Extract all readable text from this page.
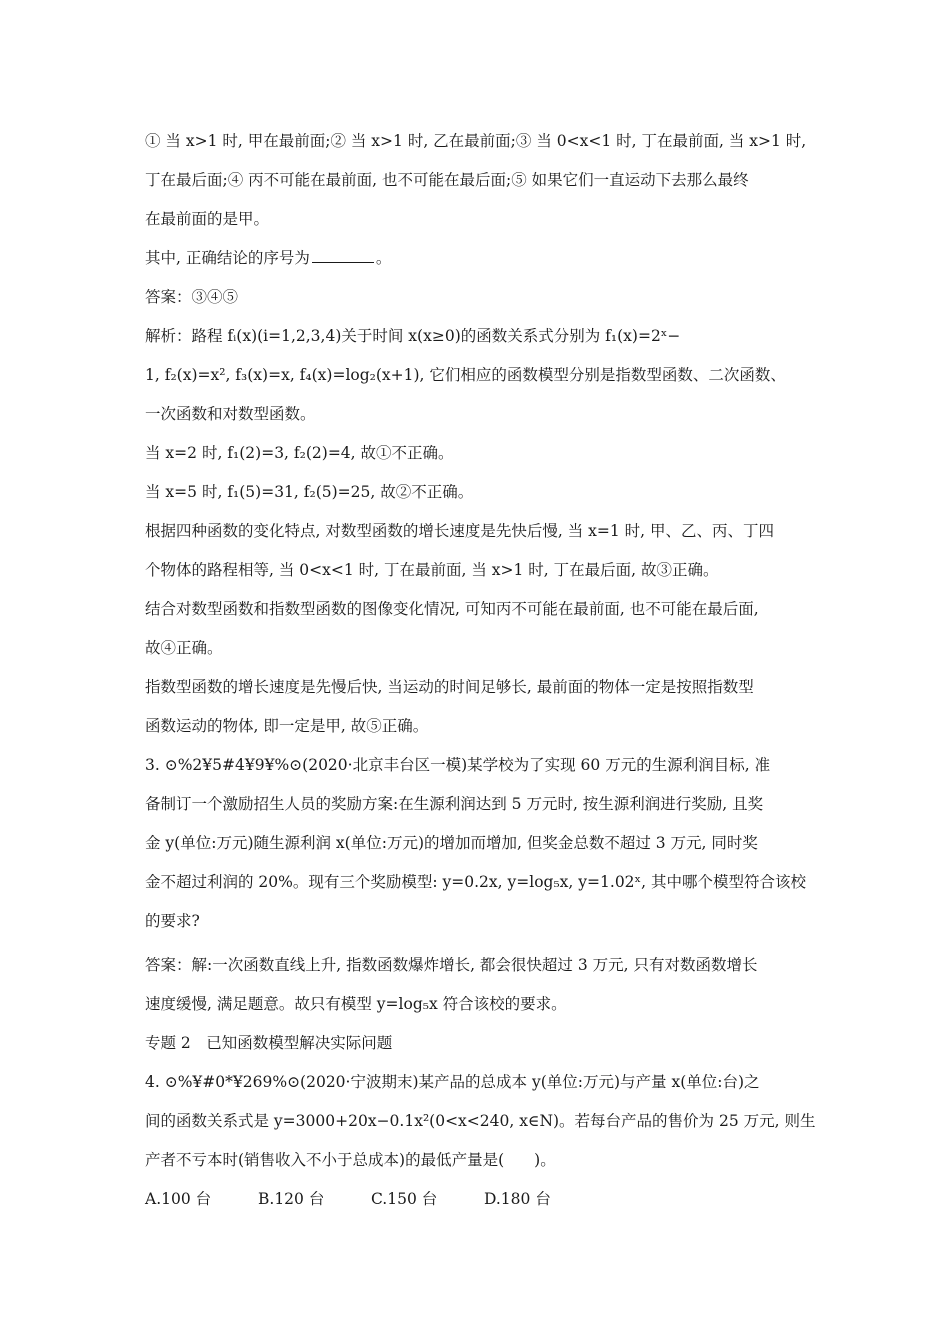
① 当 x>1 时, 甲在最前面;② 当 x>1 时, 乙在最前面;③ 当 0<x<1 时, 丁在最前面, 当 x>1 时,
丁在最后面;④ 丙不可能在最前面, 也不可能在最后面;⑤ 如果它们一直运动下去那么最终
在最前面的是甲。
其中, 正确结论的序号为	。
答案：③④⑤
解析：路程 fᵢ(x)(i=1,2,3,4)关于时间 x(x≥0)的函数关系式分别为 f₁(x)=2ˣ−
1, f₂(x)=x², f₃(x)=x, f₄(x)=log₂(x+1), 它们相应的函数模型分别是指数型函数、二次函数、
一次函数和对数型函数。
当 x=2 时, f₁(2)=3, f₂(2)=4, 故①不正确。
当 x=5 时, f₁(5)=31, f₂(5)=25, 故②不正确。
根据四种函数的变化特点, 对数型函数的增长速度是先快后慢, 当 x=1 时, 甲、乙、丙、丁四
个物体的路程相等, 当 0<x<1 时, 丁在最前面, 当 x>1 时, 丁在最后面, 故③正确。
结合对数型函数和指数型函数的图像变化情况, 可知丙不可能在最前面, 也不可能在最后面,
故④正确。
指数型函数的增长速度是先慢后快, 当运动的时间足够长, 最前面的物体一定是按照指数型
函数运动的物体, 即一定是甲, 故⑤正确。
3. ⊙%2¥5#4¥9¥%⊙(2020·北京丰台区一模)某学校为了实现 60 万元的生源利润目标, 准
备制订一个激励招生人员的奖励方案:在生源利润达到 5 万元时, 按生源利润进行奖励, 且奖
金 y(单位:万元)随生源利润 x(单位:万元)的增加而增加, 但奖金总数不超过 3 万元, 同时奖
金不超过利润的 20%。现有三个奖励模型: y=0.2x, y=log₅x, y=1.02ˣ, 其中哪个模型符合该校
的要求?
答案：解:一次函数直线上升, 指数函数爆炸增长, 都会很快超过 3 万元, 只有对数函数增长
速度缓慢, 满足题意。故只有模型 y=log₅x 符合该校的要求。
专题 2　已知函数模型解决实际问题
4. ⊙%¥#0*¥269%⊙(2020·宁波期末)某产品的总成本 y(单位:万元)与产量 x(单位:台)之
间的函数关系式是 y=3000+20x−0.1x²(0<x<240, x∈N)。若每台产品的售价为 25 万元, 则生
产者不亏本时(销售收入不小于总成本)的最低产量是( )。
A.100 台	B.120 台	C.150 台	D.180 台
